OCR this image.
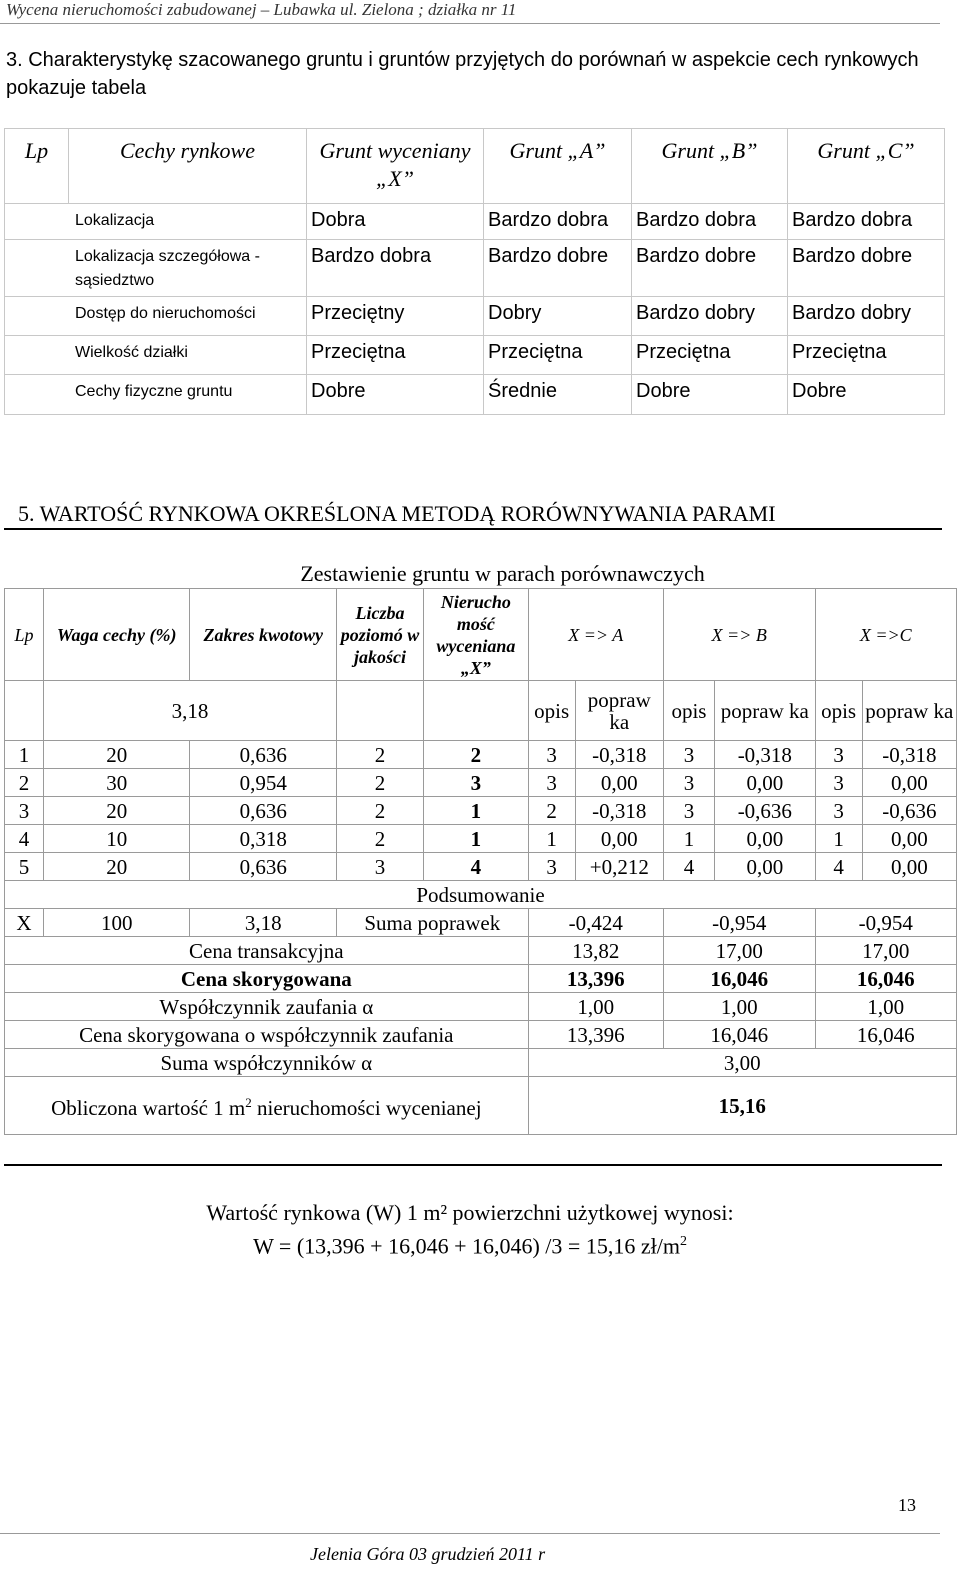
Wycena nieruchomości zabudowanej – Lubawka ul. Zielona ; działka nr 11
3. Charakterystykę szacowanego gruntu i gruntów przyjętych do porównań w aspekcie cech rynkowych pokazuje tabela
Lp	Cechy rynkowe	Grunt wyceniany „X”	Grunt „A”	Grunt „B”	Grunt „C”
Lokalizacja		Dobra	Bardzo dobra	Bardzo dobra	Bardzo dobra
Lokalizacja szczegółowa - sąsiedztwo		Bardzo dobra	Bardzo dobre	Bardzo dobre	Bardzo dobre
Dostęp do nieruchomości		Przeciętny	Dobry	Bardzo dobry	Bardzo dobry
Wielkość działki		Przeciętna	Przeciętna	Przeciętna	Przeciętna
Cechy fizyczne gruntu		Dobre	Średnie	Dobre	Dobre
5. WARTOŚĆ RYNKOWA OKREŚLONA METODĄ RORÓWNYWANIA PARAMI
		Zestawienie gruntu w parach porównawczych								
Lp	Waga cechy (%)	Zakres kwotowy	Liczba poziomó w jakości	Nierucho mość wyceniana „X”	X => A		X => B		X =>C	
	3,18				opis	popraw ka	opis	popraw ka	opis	popraw ka
1	20	0,636	2	2	3	-0,318	3	-0,318	3	-0,318
2	30	0,954	2	3	3	0,00	3	0,00	3	0,00
3	20	0,636	2	1	2	-0,318	3	-0,636	3	-0,636
4	10	0,318	2	1	1	0,00	1	0,00	1	0,00
5	20	0,636	3	4	3	+0,212	4	0,00	4	0,00
Podsumowanie										
X	100	3,18	Suma poprawek		-0,424		-0,954		-0,954	
Cena transakcyjna					13,82		17,00		17,00	
Cena skorygowana					13,396		16,046		16,046	
Współczynnik zaufania α					1,00		1,00		1,00	
Cena skorygowana o współczynnik zaufania					13,396		16,046		16,046	
Suma współczynników α					3,00					
Obliczona wartość 1 $m^2$ nieruchomości wycenianej					15,16					
Wartość rynkowa (W) 1 m² powierzchni użytkowej wynosi:
W = (13,396 + 16,046 + 16,046) /3 = 15,16 $zł/m^2$
13
Jelenia Góra 03 grudzień 2011 r
